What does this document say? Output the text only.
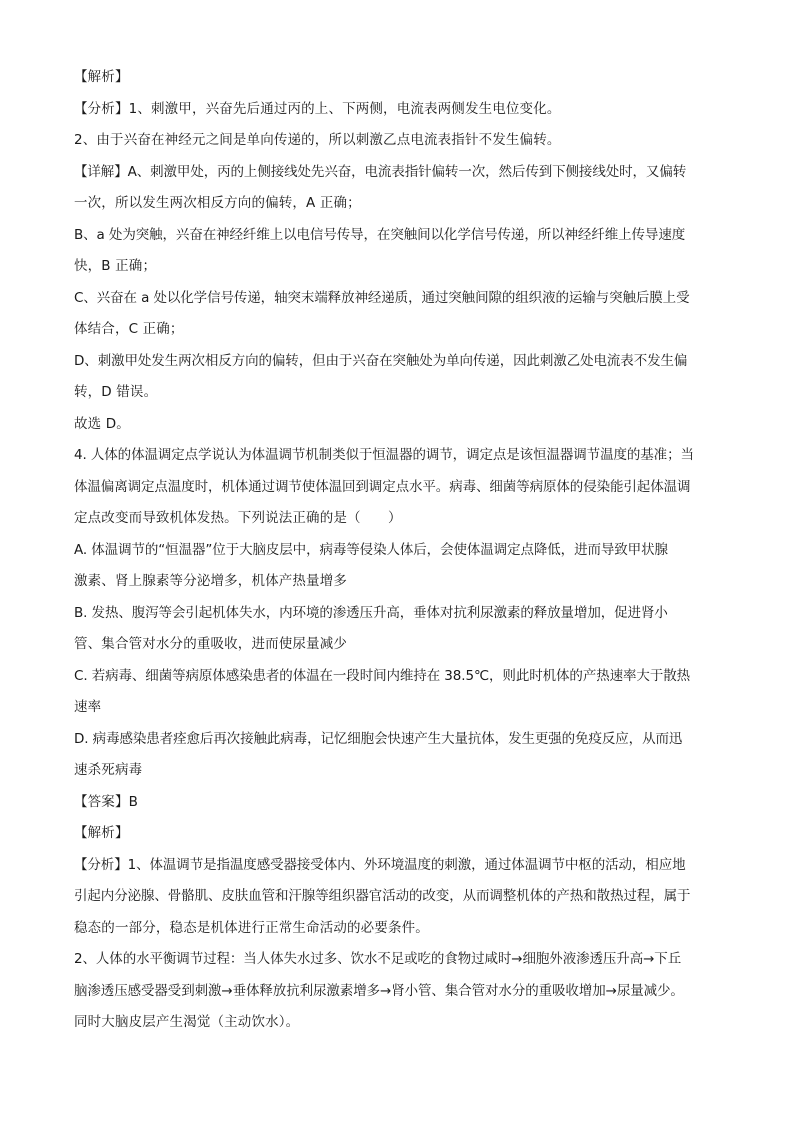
【解析】
【分析】1、刺激甲，兴奋先后通过丙的上、下两侧，电流表两侧发生电位变化。
2、由于兴奋在神经元之间是单向传递的，所以刺激乙点电流表指针不发生偏转。
【详解】A、刺激甲处，丙的上侧接线处先兴奋，电流表指针偏转一次，然后传到下侧接线处时，又偏转
一次，所以发生两次相反方向的偏转，A 正确；
B、a 处为突触，兴奋在神经纤维上以电信号传导，在突触间以化学信号传递，所以神经纤维上传导速度
快，B 正确；
C、兴奋在 a 处以化学信号传递，轴突末端释放神经递质，通过突触间隙的组织液的运输与突触后膜上受
体结合，C 正确；
D、刺激甲处发生两次相反方向的偏转，但由于兴奋在突触处为单向传递，因此刺激乙处电流表不发生偏
转，D 错误。
故选 D。
4. 人体的体温调定点学说认为体温调节机制类似于恒温器的调节，调定点是该恒温器调节温度的基准；当
体温偏离调定点温度时，机体通过调节使体温回到调定点水平。病毒、细菌等病原体的侵染能引起体温调
定点改变而导致机体发热。下列说法正确的是（　　）
A. 体温调节的“恒温器”位于大脑皮层中，病毒等侵染人体后，会使体温调定点降低，进而导致甲状腺
激素、肾上腺素等分泌增多，机体产热量增多
B. 发热、腹泻等会引起机体失水，内环境的渗透压升高，垂体对抗利尿激素的释放量增加，促进肾小
管、集合管对水分的重吸收，进而使尿量减少
C. 若病毒、细菌等病原体感染患者的体温在一段时间内维持在 38.5℃，则此时机体的产热速率大于散热
速率
D. 病毒感染患者痊愈后再次接触此病毒，记忆细胞会快速产生大量抗体，发生更强的免疫反应，从而迅
速杀死病毒
【答案】B
【解析】
【分析】1、体温调节是指温度感受器接受体内、外环境温度的刺激，通过体温调节中枢的活动，相应地
引起内分泌腺、骨骼肌、皮肤血管和汗腺等组织器官活动的改变，从而调整机体的产热和散热过程，属于
稳态的一部分，稳态是机体进行正常生命活动的必要条件。
2、人体的水平衡调节过程：当人体失水过多、饮水不足或吃的食物过咸时→细胞外液渗透压升高→下丘
脑渗透压感受器受到刺激→垂体释放抗利尿激素增多→肾小管、集合管对水分的重吸收增加→尿量减少。
同时大脑皮层产生渴觉（主动饮水）。
